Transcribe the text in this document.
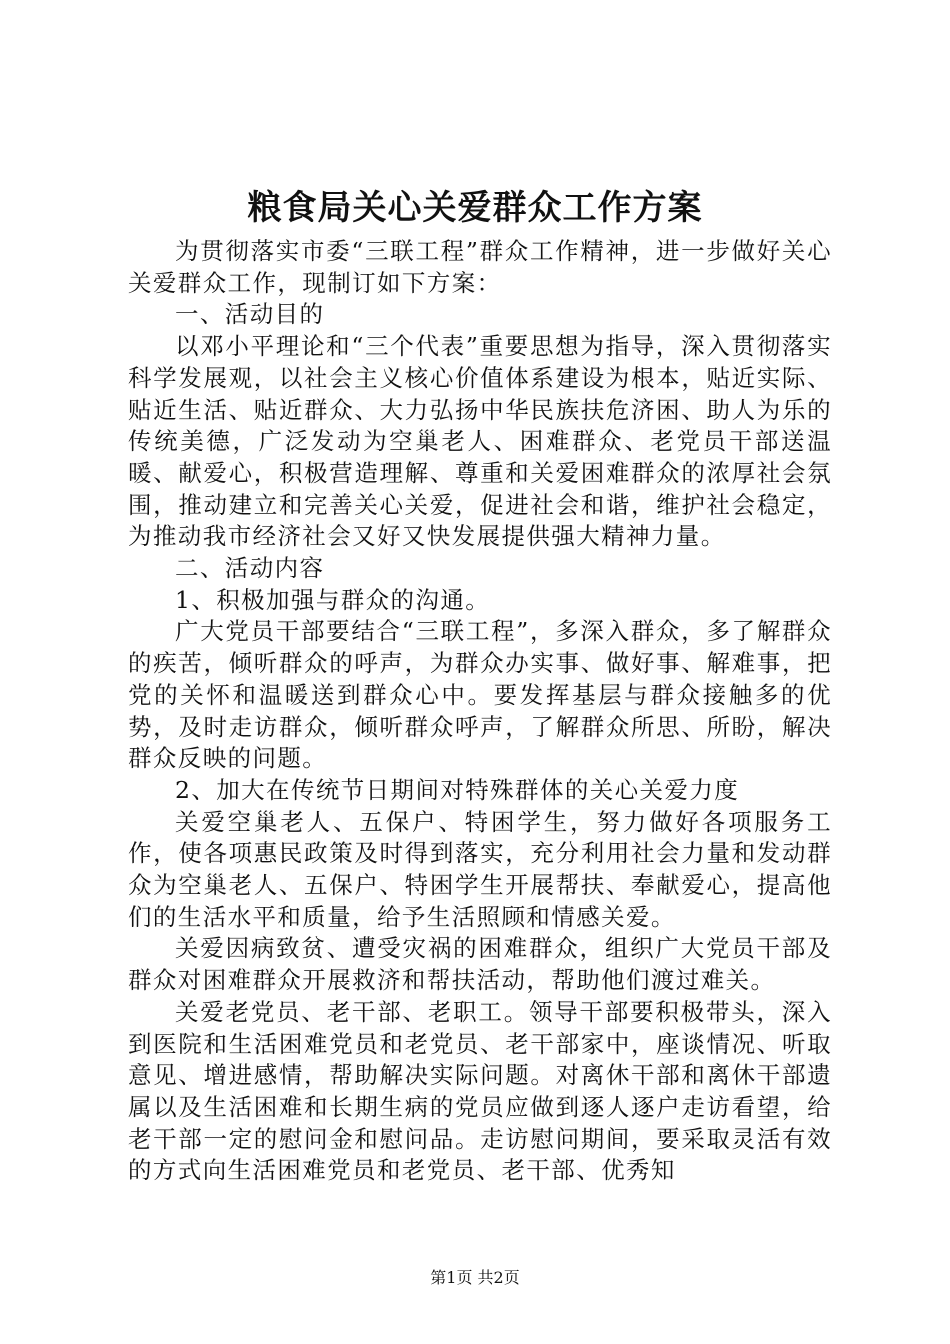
粮食局关心关爱群众工作方案

为贯彻落实市委“三联工程”群众工作精神，进一步做好关心关爱群众工作，现制订如下方案：

一、活动目的

以邓小平理论和“三个代表”重要思想为指导，深入贯彻落实科学发展观，以社会主义核心价值体系建设为根本，贴近实际、贴近生活、贴近群众、大力弘扬中华民族扶危济困、助人为乐的传统美德，广泛发动为空巢老人、困难群众、老党员干部送温暖、献爱心，积极营造理解、尊重和关爱困难群众的浓厚社会氛围，推动建立和完善关心关爱，促进社会和谐，维护社会稳定，为推动我市经济社会又好又快发展提供强大精神力量。

二、活动内容

1、积极加强与群众的沟通。

广大党员干部要结合“三联工程”，多深入群众，多了解群众的疾苦，倾听群众的呼声，为群众办实事、做好事、解难事，把党的关怀和温暖送到群众心中。要发挥基层与群众接触多的优势，及时走访群众，倾听群众呼声，了解群众所思、所盼，解决群众反映的问题。

2、加大在传统节日期间对特殊群体的关心关爱力度

关爱空巢老人、五保户、特困学生，努力做好各项服务工作，使各项惠民政策及时得到落实，充分利用社会力量和发动群众为空巢老人、五保户、特困学生开展帮扶、奉献爱心，提高他们的生活水平和质量，给予生活照顾和情感关爱。

关爱因病致贫、遭受灾祸的困难群众，组织广大党员干部及群众对困难群众开展救济和帮扶活动，帮助他们渡过难关。

关爱老党员、老干部、老职工。领导干部要积极带头，深入到医院和生活困难党员和老党员、老干部家中，座谈情况、听取意见、增进感情，帮助解决实际问题。对离休干部和离休干部遗属以及生活困难和长期生病的党员应做到逐人逐户走访看望，给老干部一定的慰问金和慰问品。走访慰问期间，要采取灵活有效的方式向生活困难党员和老党员、老干部、优秀知

第1页 共2页
